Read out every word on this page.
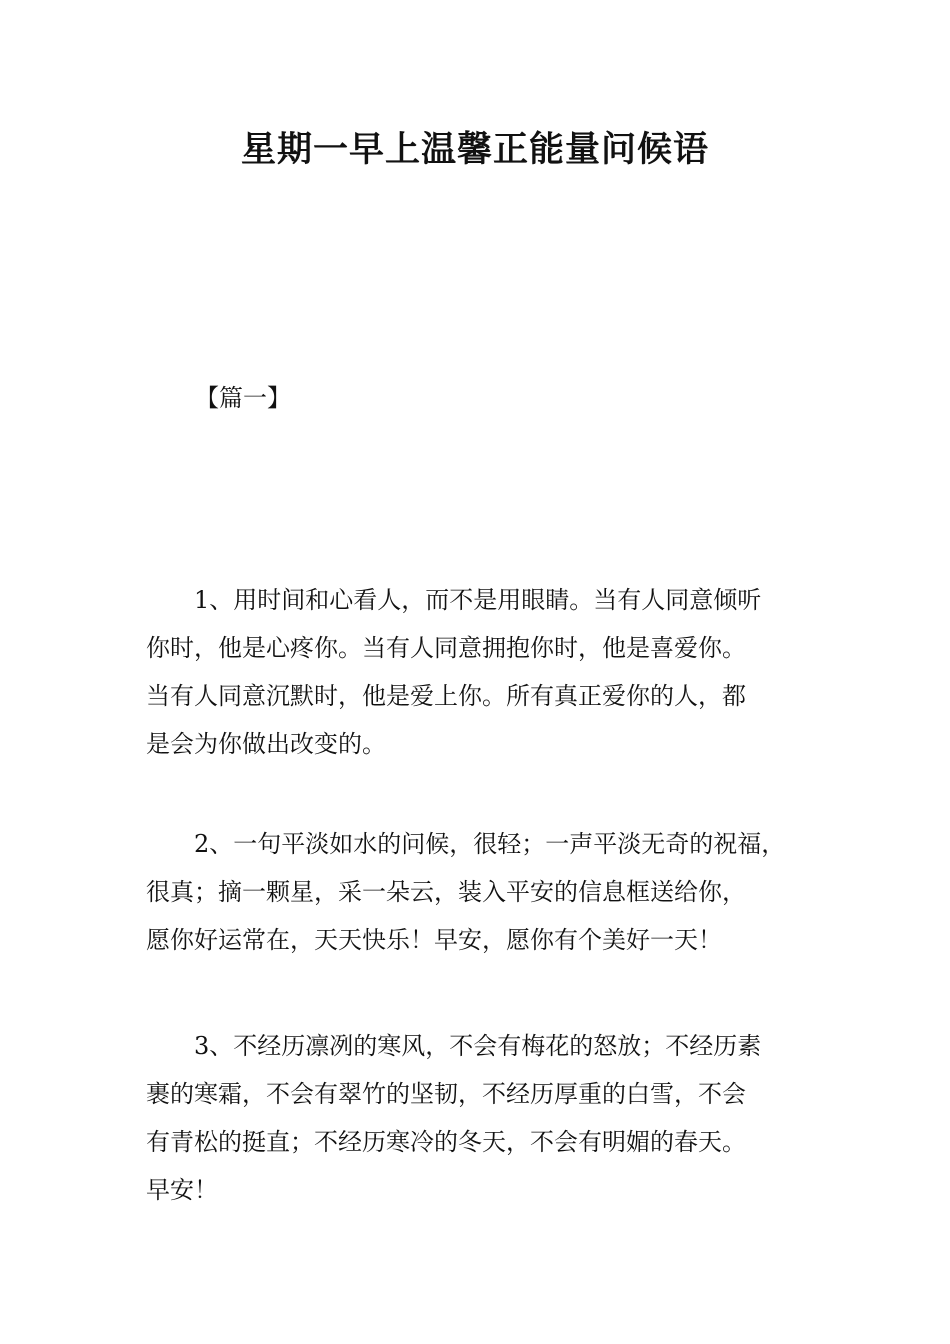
星期一早上温馨正能量问候语
【篇一】

1、用时间和心看人，而不是用眼睛。当有人同意倾听
你时，他是心疼你。当有人同意拥抱你时，他是喜爱你。
当有人同意沉默时，他是爱上你。所有真正爱你的人，都
是会为你做出改变的。

2、一句平淡如水的问候，很轻；一声平淡无奇的祝福，
很真；摘一颗星，采一朵云，装入平安的信息框送给你，
愿你好运常在，天天快乐！早安，愿你有个美好一天！

3、不经历凛冽的寒风，不会有梅花的怒放；不经历素
裹的寒霜，不会有翠竹的坚韧，不经历厚重的白雪，不会
有青松的挺直；不经历寒冷的冬天，不会有明媚的春天。
早安！
